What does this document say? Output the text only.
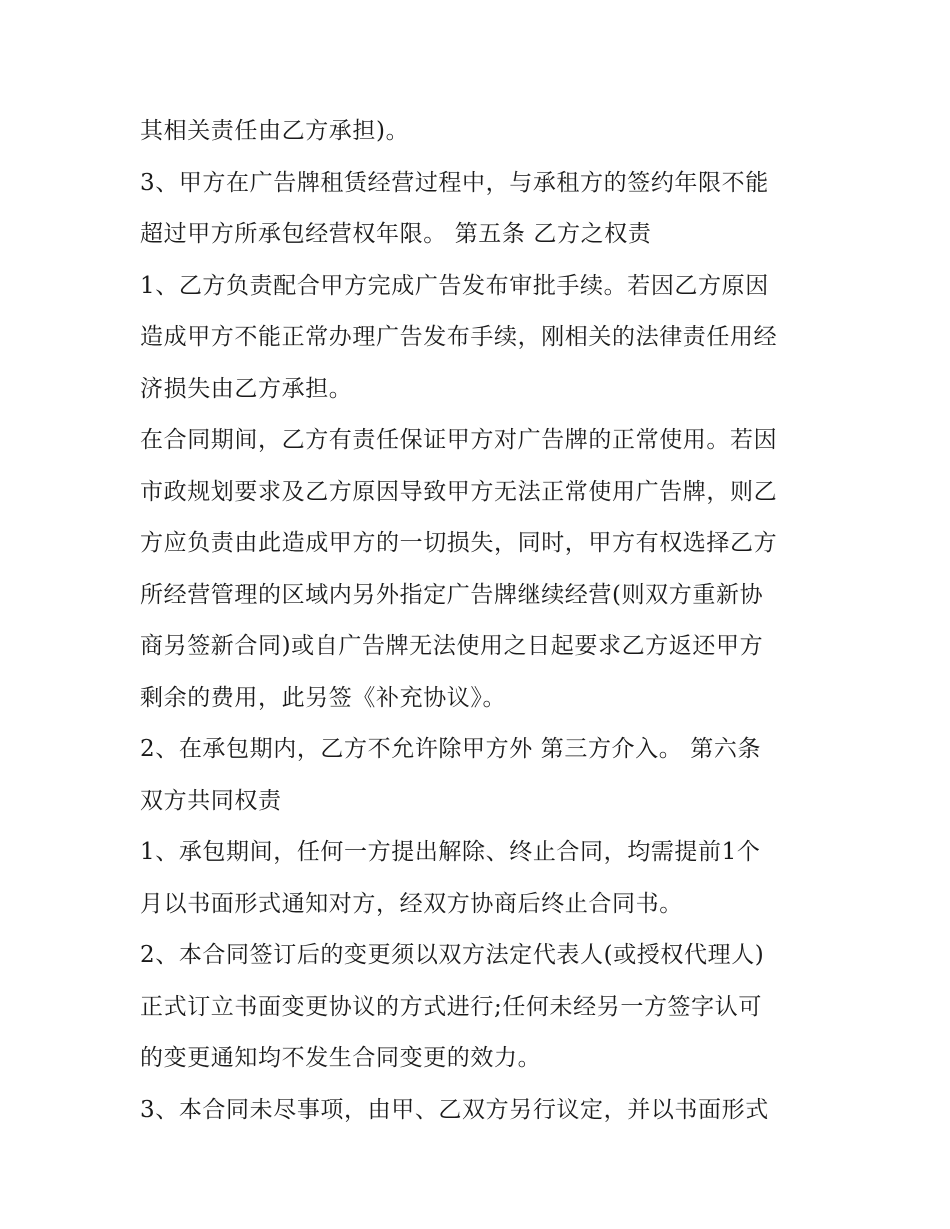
其相关责任由乙方承担)。
3、甲方在广告牌租赁经营过程中，与承租方的签约年限不能
超过甲方所承包经营权年限。 第五条 乙方之权责
1、乙方负责配合甲方完成广告发布审批手续。若因乙方原因
造成甲方不能正常办理广告发布手续，刚相关的法律责任用经
济损失由乙方承担。
在合同期间，乙方有责任保证甲方对广告牌的正常使用。若因
市政规划要求及乙方原因导致甲方无法正常使用广告牌，则乙
方应负责由此造成甲方的一切损失，同时，甲方有权选择乙方
所经营管理的区域内另外指定广告牌继续经营(则双方重新协
商另签新合同)或自广告牌无法使用之日起要求乙方返还甲方
剩余的费用，此另签《补充协议》。
2、在承包期内，乙方不允许除甲方外 第三方介入。 第六条
双方共同权责
1、承包期间，任何一方提出解除、终止合同，均需提前1个
月以书面形式通知对方，经双方协商后终止合同书。
2、本合同签订后的变更须以双方法定代表人(或授权代理人)
正式订立书面变更协议的方式进行;任何未经另一方签字认可
的变更通知均不发生合同变更的效力。
3、本合同未尽事项，由甲、乙双方另行议定，并以书面形式
